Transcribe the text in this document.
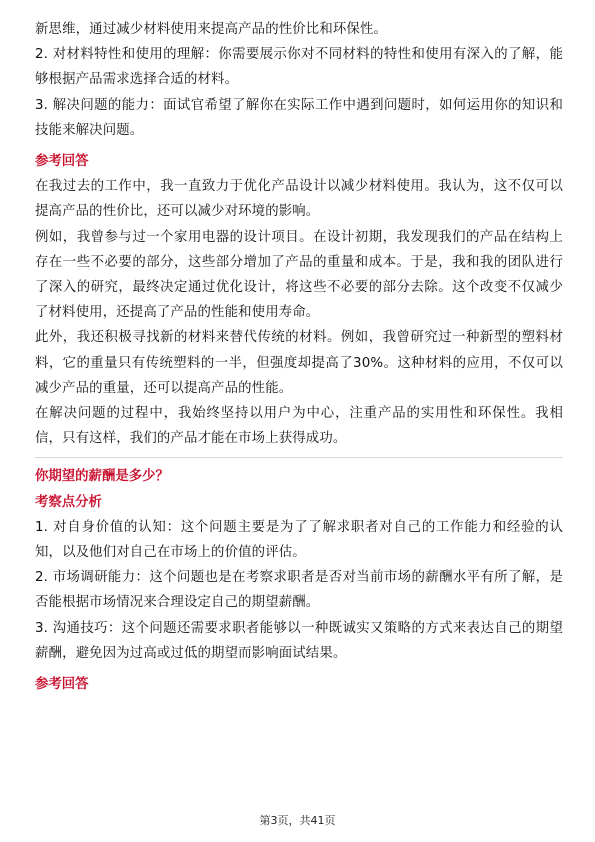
新思维，通过减少材料使用来提高产品的性价比和环保性。

2. 对材料特性和使用的理解：你需要展示你对不同材料的特性和使用有深入的了解，能够根据产品需求选择合适的材料。

3. 解决问题的能力：面试官希望了解你在实际工作中遇到问题时，如何运用你的知识和技能来解决问题。

参考回答

在我过去的工作中，我一直致力于优化产品设计以减少材料使用。我认为，这不仅可以提高产品的性价比，还可以减少对环境的影响。

例如，我曾参与过一个家用电器的设计项目。在设计初期，我发现我们的产品在结构上存在一些不必要的部分，这些部分增加了产品的重量和成本。于是，我和我的团队进行了深入的研究，最终决定通过优化设计，将这些不必要的部分去除。这个改变不仅减少了材料使用，还提高了产品的性能和使用寿命。

此外，我还积极寻找新的材料来替代传统的材料。例如，我曾研究过一种新型的塑料材料，它的重量只有传统塑料的一半，但强度却提高了30%。这种材料的应用，不仅可以减少产品的重量，还可以提高产品的性能。

在解决问题的过程中，我始终坚持以用户为中心，注重产品的实用性和环保性。我相信，只有这样，我们的产品才能在市场上获得成功。

你期望的薪酬是多少？

考察点分析

1. 对自身价值的认知：这个问题主要是为了了解求职者对自己的工作能力和经验的认知，以及他们对自己在市场上的价值的评估。

2. 市场调研能力：这个问题也是在考察求职者是否对当前市场的薪酬水平有所了解，是否能根据市场情况来合理设定自己的期望薪酬。

3. 沟通技巧：这个问题还需要求职者能够以一种既诚实又策略的方式来表达自己的期望薪酬，避免因为过高或过低的期望而影响面试结果。

参考回答

第3页，共41页
